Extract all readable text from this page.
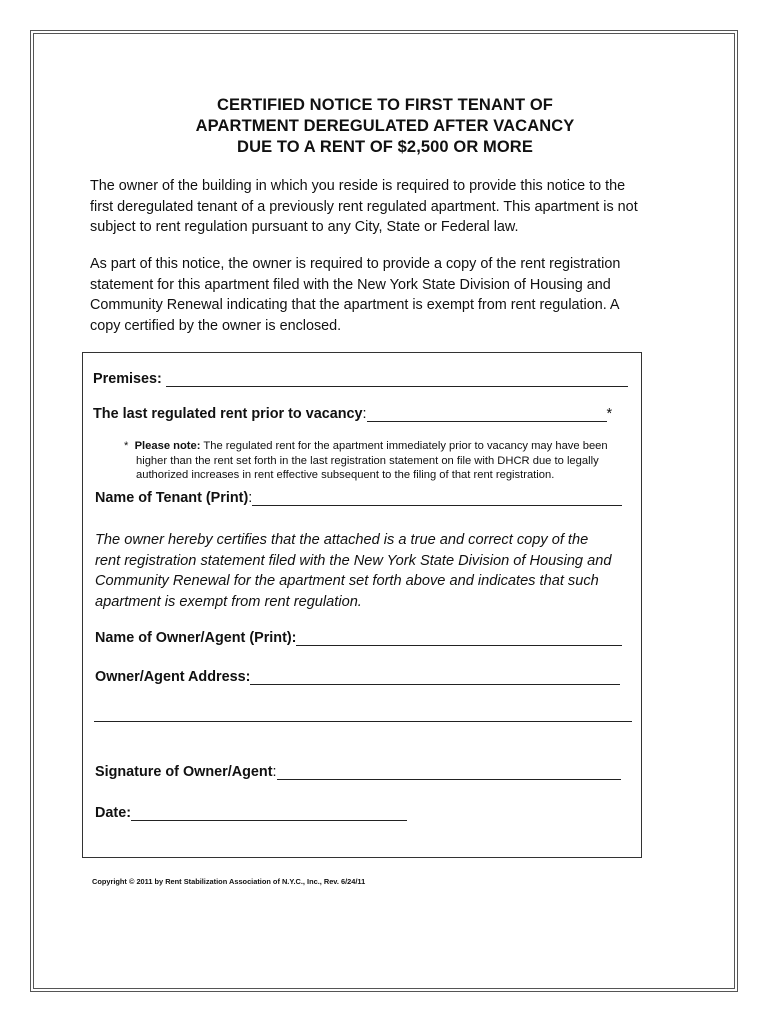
CERTIFIED NOTICE TO FIRST TENANT OF
APARTMENT DEREGULATED AFTER VACANCY
DUE TO A RENT OF $2,500 OR MORE
The owner of the building in which you reside is required to provide this notice to the
first deregulated tenant of a previously rent regulated apartment. This apartment is not
subject to rent regulation pursuant to any City, State or Federal law.
As part of this notice, the owner is required to provide a copy of the rent registration
statement for this apartment filed with the New York State Division of Housing and
Community Renewal indicating that the apartment is exempt from rent regulation. A
copy certified by the owner is enclosed.
Premises:
The last regulated rent prior to vacancy :	*
* Please note: The regulated rent for the apartment immediately prior to vacancy may have been
higher than the rent set forth in the last registration statement on file with DHCR due to legally
authorized increases in rent effective subsequent to the filing of that rent registration.
Name of Tenant (Print) :
The owner hereby certifies that the attached is a true and correct copy of the
rent registration statement filed with the New York State Division of Housing and
Community Renewal for the apartment set forth above and indicates that such
apartment is exempt from rent regulation.
Name of Owner/Agent (Print):
Owner/Agent Address:
Signature of Owner/Agent :
Date:
Copyright © 2011 by Rent Stabilization Association of N.Y.C., Inc., Rev. 6/24/11
